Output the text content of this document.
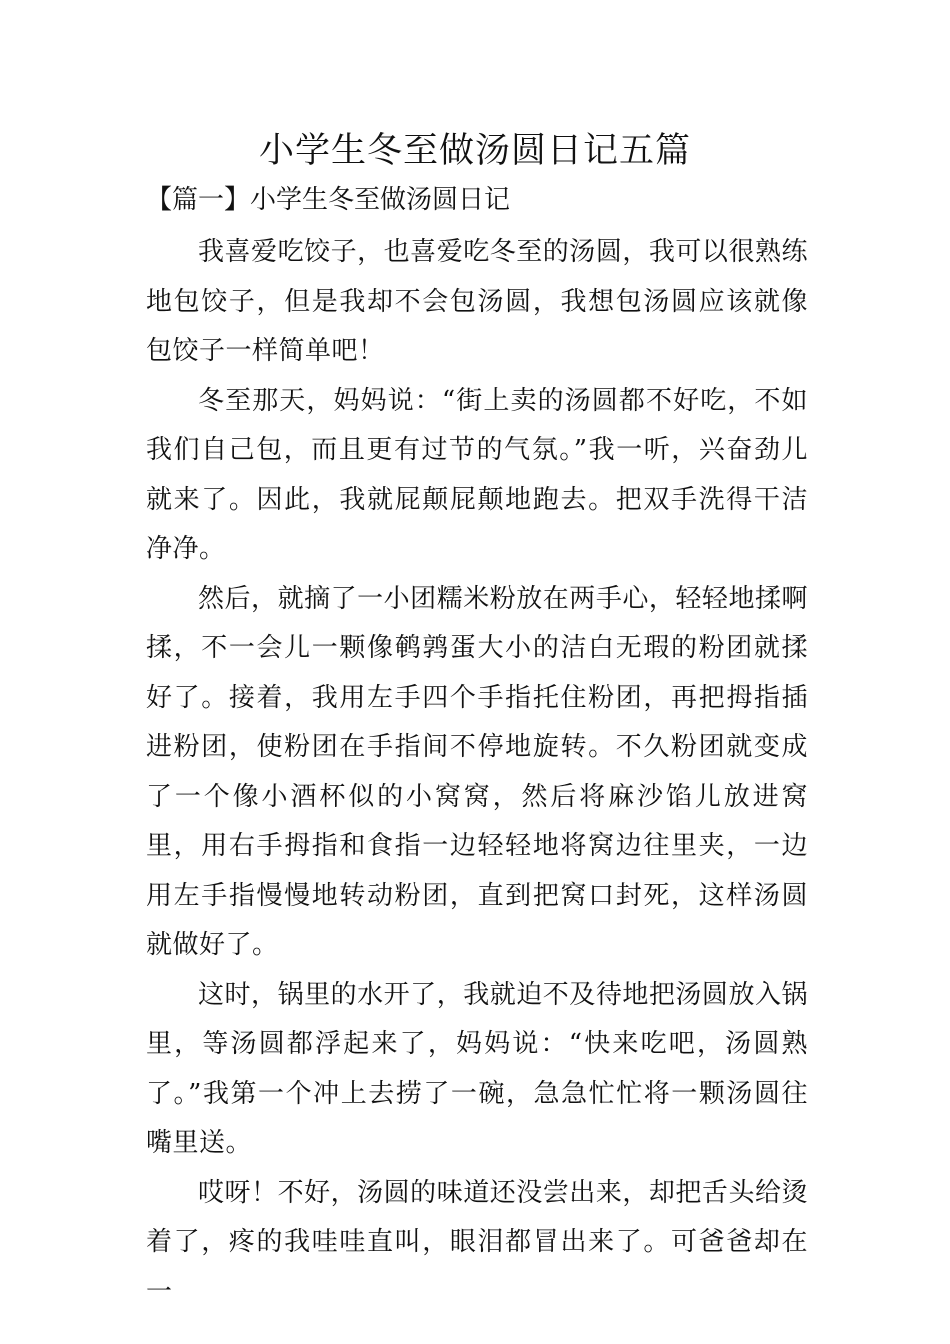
小学生冬至做汤圆日记五篇
【篇一】小学生冬至做汤圆日记

我喜爱吃饺子，也喜爱吃冬至的汤圆，我可以很熟练地包饺子，但是我却不会包汤圆，我想包汤圆应该就像包饺子一样简单吧！

冬至那天，妈妈说：“街上卖的汤圆都不好吃，不如我们自己包，而且更有过节的气氛。”我一听，兴奋劲儿就来了。因此，我就屁颠屁颠地跑去。把双手洗得干洁净净。

然后，就摘了一小团糯米粉放在两手心，轻轻地揉啊揉，不一会儿一颗像鹌鹑蛋大小的洁白无瑕的粉团就揉好了。接着，我用左手四个手指托住粉团，再把拇指插进粉团，使粉团在手指间不停地旋转。不久粉团就变成了一个像小酒杯似的小窝窝，然后将麻沙馅儿放进窝里，用右手拇指和食指一边轻轻地将窝边往里夹，一边用左手指慢慢地转动粉团，直到把窝口封死，这样汤圆就做好了。

这时，锅里的水开了，我就迫不及待地把汤圆放入锅里，等汤圆都浮起来了，妈妈说：“快来吃吧，汤圆熟了。”我第一个冲上去捞了一碗，急急忙忙将一颗汤圆往嘴里送。

哎呀！不好，汤圆的味道还没尝出来，却把舌头给烫着了，疼的我哇哇直叫，眼泪都冒出来了。可爸爸却在一
